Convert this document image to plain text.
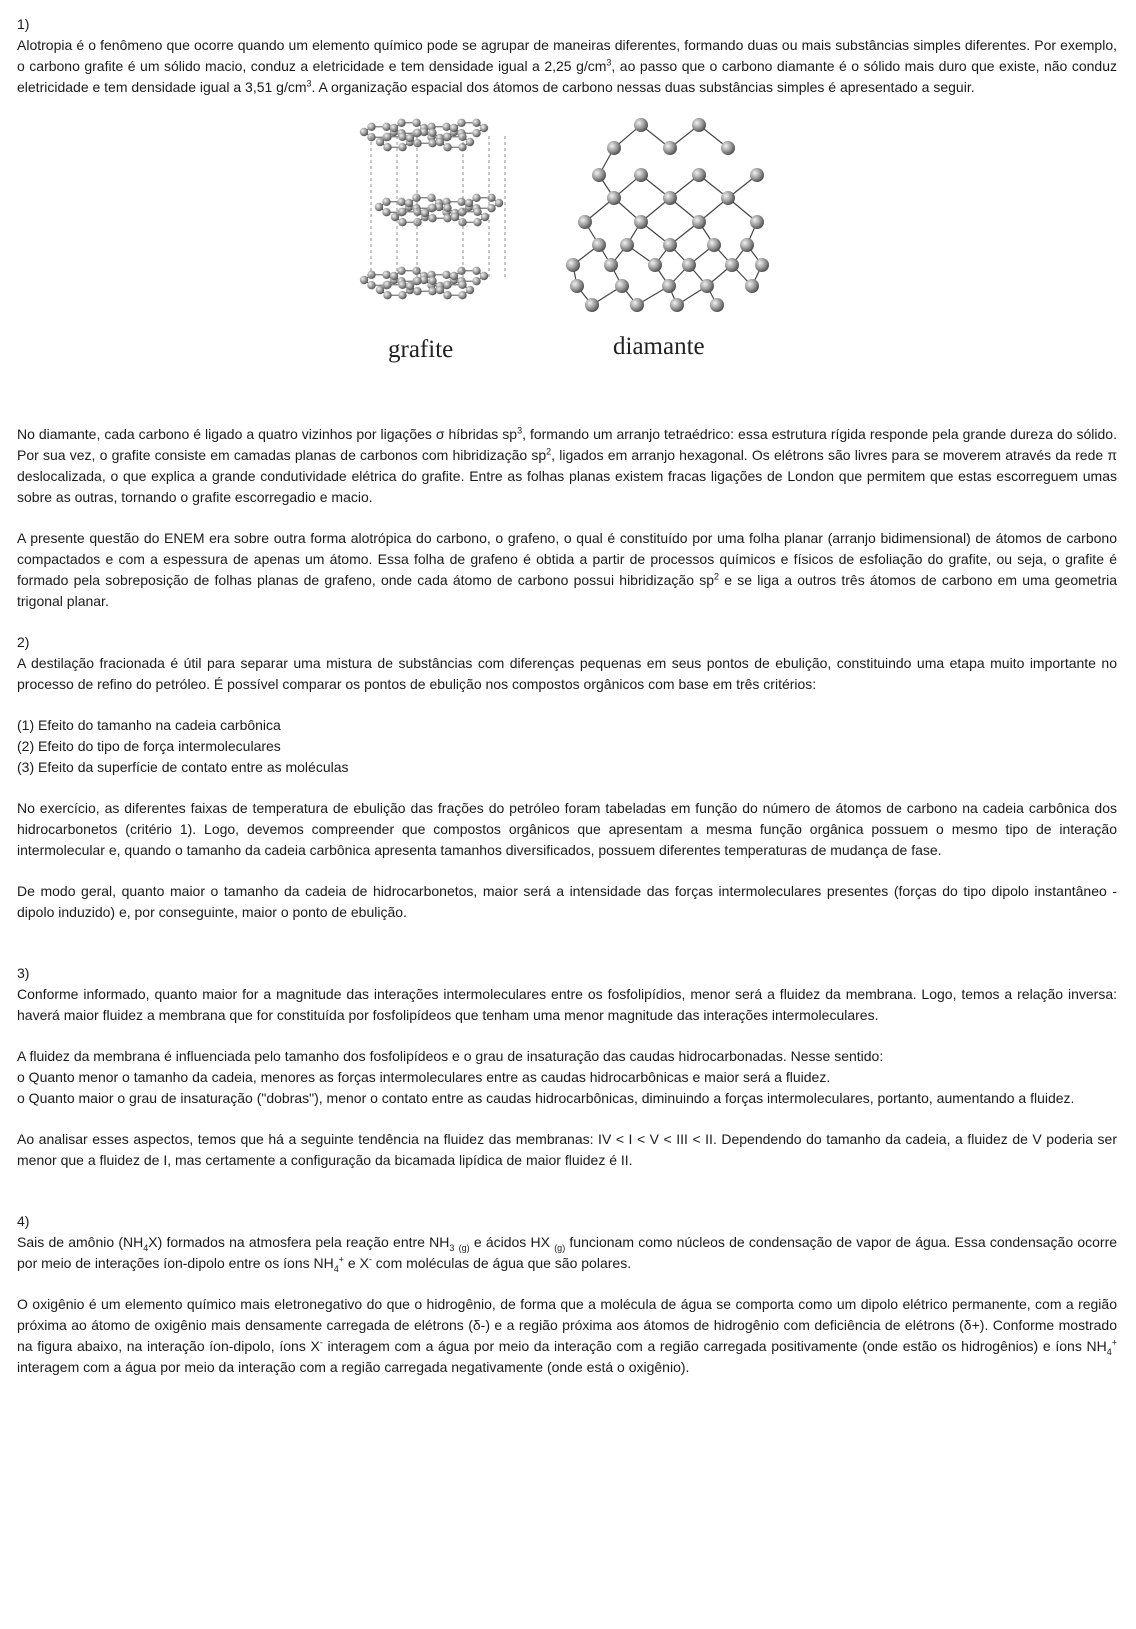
1)

Alotropia é o fenômeno que ocorre quando um elemento químico pode se agrupar de maneiras diferentes, formando duas ou mais substâncias simples diferentes. Por exemplo, o carbono grafite é um sólido macio, conduz a eletricidade e tem densidade igual a 2,25 $g/cm^3$, ao passo que o carbono diamante é o sólido mais duro que existe, não conduz eletricidade e tem densidade igual a 3,51 $g/cm^3$. A organização espacial dos átomos de carbono nessas duas substâncias simples é apresentado a seguir.

grafite	diamante

No diamante, cada carbono é ligado a quatro vizinhos por ligações σ híbridas $sp^3$, formando um arranjo tetraédrico: essa estrutura rígida responde pela grande dureza do sólido. Por sua vez, o grafite consiste em camadas planas de carbonos com hibridização $sp^2$, ligados em arranjo hexagonal. Os elétrons são livres para se moverem através da rede π deslocalizada, o que explica a grande condutividade elétrica do grafite. Entre as folhas planas existem fracas ligações de London que permitem que estas escorreguem umas sobre as outras, tornando o grafite escorregadio e macio.

A presente questão do ENEM era sobre outra forma alotrópica do carbono, o grafeno, o qual é constituído por uma folha planar (arranjo bidimensional) de átomos de carbono compactados e com a espessura de apenas um átomo. Essa folha de grafeno é obtida a partir de processos químicos e físicos de esfoliação do grafite, ou seja, o grafite é formado pela sobreposição de folhas planas de grafeno, onde cada átomo de carbono possui hibridização $sp^2$ e se liga a outros três átomos de carbono em uma geometria trigonal planar.

2)

A destilação fracionada é útil para separar uma mistura de substâncias com diferenças pequenas em seus pontos de ebulição, constituindo uma etapa muito importante no processo de refino do petróleo. É possível comparar os pontos de ebulição nos compostos orgânicos com base em três critérios:

(1) Efeito do tamanho na cadeia carbônica

(2) Efeito do tipo de força intermoleculares

(3) Efeito da superfície de contato entre as moléculas

No exercício, as diferentes faixas de temperatura de ebulição das frações do petróleo foram tabeladas em função do número de átomos de carbono na cadeia carbônica dos hidrocarbonetos (critério 1). Logo, devemos compreender que compostos orgânicos que apresentam a mesma função orgânica possuem o mesmo tipo de interação intermolecular e, quando o tamanho da cadeia carbônica apresenta tamanhos diversificados, possuem diferentes temperaturas de mudança de fase.

De modo geral, quanto maior o tamanho da cadeia de hidrocarbonetos, maior será a intensidade das forças intermoleculares presentes (forças do tipo dipolo instantâneo - dipolo induzido) e, por conseguinte, maior o ponto de ebulição.

3)

Conforme informado, quanto maior for a magnitude das interações intermoleculares entre os fosfolipídios, menor será a fluidez da membrana. Logo, temos a relação inversa: haverá maior fluidez a membrana que for constituída por fosfolipídeos que tenham uma menor magnitude das interações intermoleculares.

A fluidez da membrana é influenciada pelo tamanho dos fosfolipídeos e o grau de insaturação das caudas hidrocarbonadas. Nesse sentido:

o Quanto menor o tamanho da cadeia, menores as forças intermoleculares entre as caudas hidrocarbônicas e maior será a fluidez.

o Quanto maior o grau de insaturação ("dobras"), menor o contato entre as caudas hidrocarbônicas, diminuindo a forças intermoleculares, portanto, aumentando a fluidez.

Ao analisar esses aspectos, temos que há a seguinte tendência na fluidez das membranas: IV < I < V < III < II. Dependendo do tamanho da cadeia, a fluidez de V poderia ser menor que a fluidez de I, mas certamente a configuração da bicamada lipídica de maior fluidez é II.

4)

Sais de amônio $(NH_4X)$ formados na atmosfera pela reação entre $NH_3$ $_{(g)}$ e ácidos HX $_{(g)}$ funcionam como núcleos de condensação de vapor de água. Essa condensação ocorre por meio de interações íon-dipolo entre os íons $NH_4^+$ e X- com moléculas de água que são polares.

O oxigênio é um elemento químico mais eletronegativo do que o hidrogênio, de forma que a molécula de água se comporta como um dipolo elétrico permanente, com a região próxima ao átomo de oxigênio mais densamente carregada de elétrons (δ-) e a região próxima aos átomos de hidrogênio com deficiência de elétrons (δ+). Conforme mostrado na figura abaixo, na interação íon-dipolo, íons X- interagem com a água por meio da interação com a região carregada positivamente (onde estão os hidrogênios) e íons $NH_4^+$ interagem com a água por meio da interação com a região carregada negativamente (onde está o oxigênio).
